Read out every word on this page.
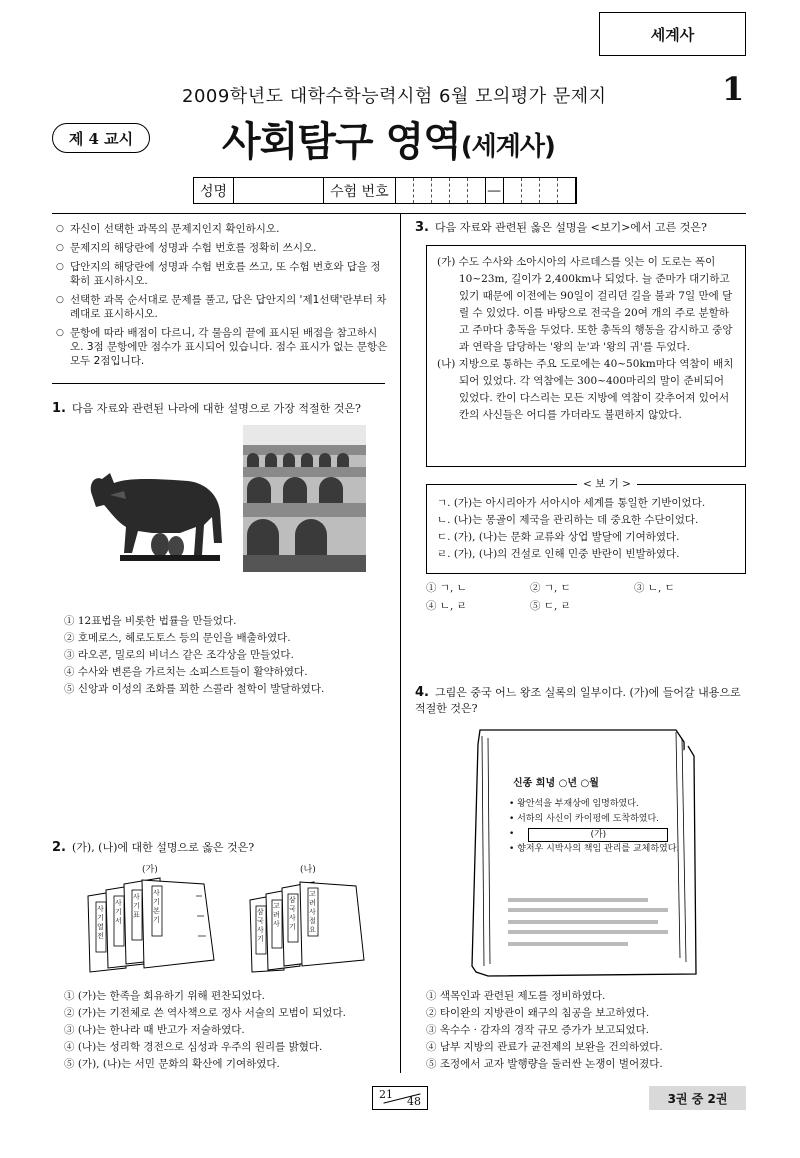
세계사
2009학년도 대학수학능력시험 6월 모의평가 문제지	1
제 4 교시	사회탐구 영역(세계사)
성명	수험 번호	—
○ 자신이 선택한 과목의 문제지인지 확인하시오.
○ 문제지의 해당란에 성명과 수험 번호를 정확히 쓰시오.
○ 답안지의 해당란에 성명과 수험 번호를 쓰고, 또 수험 번호와 답을 정확히 표시하시오.
○ 선택한 과목 순서대로 문제를 풀고, 답은 답안지의 '제1선택'란부터 차례대로 표시하시오.
○ 문항에 따라 배점이 다르니, 각 물음의 끝에 표시된 배점을 참고하시오. 3점 문항에만 점수가 표시되어 있습니다. 점수 표시가 없는 문항은 모두 2점입니다.
1. 다음 자료와 관련된 나라에 대한 설명으로 가장 적절한 것은?
① 12표법을 비롯한 법률을 만들었다.
② 호메로스, 헤로도토스 등의 문인을 배출하였다.
③ 라오콘, 밀로의 비너스 같은 조각상을 만들었다.
④ 수사와 변론을 가르치는 소피스트들이 활약하였다.
⑤ 신앙과 이성의 조화를 꾀한 스콜라 철학이 발달하였다.
2. (가), (나)에 대한 설명으로 옳은 것은?
(가)	(나)
사기 열전
사기 서
사기 표
사기 본기
삼국사기
고려사
삼국사기
고려사절요
① (가)는 한족을 회유하기 위해 편찬되었다.
② (가)는 기전체로 쓴 역사책으로 정사 서술의 모범이 되었다.
③ (나)는 한나라 때 반고가 저술하였다.
④ (나)는 성리학 경전으로 심성과 우주의 원리를 밝혔다.
⑤ (가), (나)는 서민 문화의 확산에 기여하였다.
3. 다음 자료와 관련된 옳은 설명을 <보기>에서 고른 것은?

(가) 수도 수사와 소아시아의 사르데스를 잇는 이 도로는 폭이 10~23m, 길이가 2,400km나 되었다. 늘 준마가 대기하고 있기 때문에 이전에는 90일이 걸리던 길을 불과 7일 만에 달릴 수 있었다. 이를 바탕으로 전국을 20여 개의 주로 분할하고 주마다 총독을 두었다. 또한 총독의 행동을 감시하고 중앙과 연락을 담당하는 '왕의 눈'과 '왕의 귀'를 두었다.

(나) 지방으로 통하는 주요 도로에는 40~50km마다 역참이 배치되어 있었다. 각 역참에는 300~400마리의 말이 준비되어 있었다. 칸이 다스리는 모든 지방에 역참이 갖추어져 있어서 칸의 사신들은 어디를 가더라도 불편하지 않았다.

< 보 기 >
ㄱ. (가)는 아시리아가 서아시아 세계를 통일한 기반이었다.
ㄴ. (나)는 몽골이 제국을 관리하는 데 중요한 수단이었다.
ㄷ. (가), (나)는 문화 교류와 상업 발달에 기여하였다.
ㄹ. (가), (나)의 건설로 인해 민중 반란이 빈발하였다.
① ㄱ, ㄴ	② ㄱ, ㄷ	③ ㄴ, ㄷ
④ ㄴ, ㄹ	⑤ ㄷ, ㄹ
4. 그림은 중국 어느 왕조 실록의 일부이다. (가)에 들어갈 내용으로 적절한 것은?
신종 희녕 ○년 ○월
• 왕안석을 부재상에 임명하였다.
• 서하의 사신이 카이펑에 도착하였다.
•	(가)
• 향저우 시박사의 책임 관리를 교체하였다.
① 색목인과 관련된 제도를 정비하였다.
② 타이완의 지방관이 왜구의 침공을 보고하였다.
③ 옥수수 · 감자의 경작 규모 증가가 보고되었다.
④ 남부 지방의 관료가 균전제의 보완을 건의하였다.
⑤ 조정에서 교자 발행량을 둘러싼 논쟁이 벌어졌다.
21
48	3권 중 2권
